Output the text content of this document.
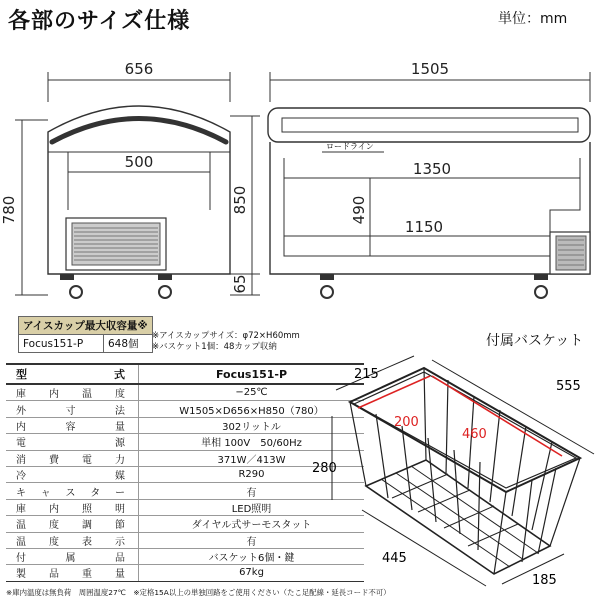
各部のサイズ仕様	単位：mm
656
500
780	850
65
1505
ロードライン
1350
1150
490
アイスカップ最大収容量※
Focus151-P	648個
※アイスカップサイズ：φ72×H60mm
※バスケット1個：48カップ収納
型　　式	Focus151-P
庫内温度	−25℃
外寸法	W1505×D656×H850（780）
内容量	302リットル
電源	単相 100V　50/60Hz
消費電力	371W／413W
冷媒	R290
キャスター	有
庫内照明	LED照明
温度調節	ダイヤル式サーモスタット
温度表示	有
付属品	バスケット6個・鍵
製品重量	67kg
※庫内温度は無負荷　周囲温度27℃　※定格15A以上の単独回路をご使用ください（たこ足配線・延長コード不可）
付属バスケット
200
460
215
555
280
445
185
